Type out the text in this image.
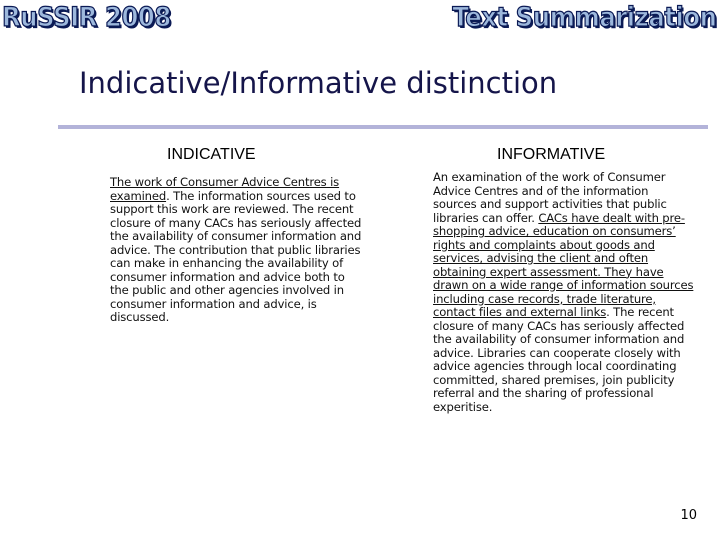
RuSSIR 2008	Text Summarization
Indicative/Informative distinction
INDICATIVE	INFORMATIVE
The work of Consumer Advice Centres is examined. The information sources used to support this work are reviewed. The recent closure of many CACs has seriously affected the availability of consumer information and advice. The contribution that public libraries can make in enhancing the availability of consumer information and advice both to the public and other agencies involved in consumer information and advice, is discussed.
An examination of the work of Consumer Advice Centres and of the information sources and support activities that public libraries can offer. CACs have dealt with pre-shopping advice, education on consumers’ rights and complaints about goods and services, advising the client and often obtaining expert assessment. They have drawn on a wide range of information sources including case records, trade literature, contact files and external links. The recent closure of many CACs has seriously affected the availability of consumer information and advice. Libraries can cooperate closely with advice agencies through local coordinating committed, shared premises, join publicity referral and the sharing of professional experitise.
10
